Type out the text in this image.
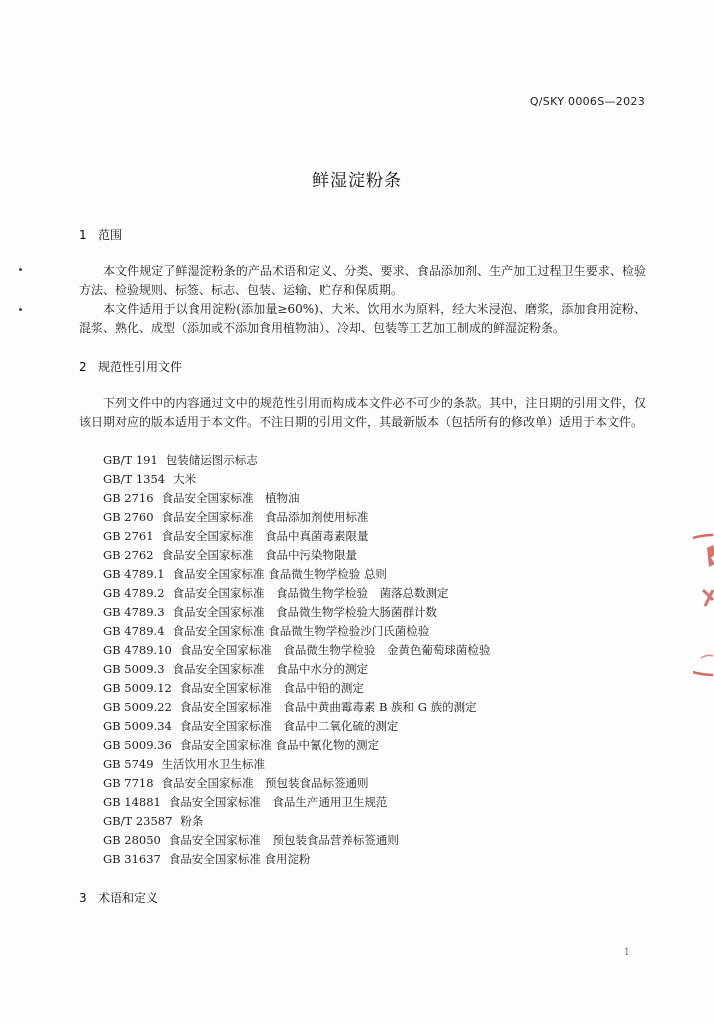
Q/SKY 0006S—2023
鲜湿淀粉条
1 范围
本文件规定了鲜湿淀粉条的产品术语和定义、分类、要求、食品添加剂、生产加工过程卫生要求、检验方法、检验规则、标签、标志、包装、运输、贮存和保质期。
本文件适用于以食用淀粉(添加量≥60%)、大米、饮用水为原料，经大米浸泡、磨浆，添加食用淀粉、混浆、熟化、成型（添加或不添加食用植物油）、冷却、包装等工艺加工制成的鲜湿淀粉条。
2 规范性引用文件
下列文件中的内容通过文中的规范性引用而构成本文件必不可少的条款。其中，注日期的引用文件，仅该日期对应的版本适用于本文件。不注日期的引用文件，其最新版本（包括所有的修改单）适用于本文件。
GB/T 191 包装储运图示标志
GB/T 1354 大米
GB 2716 食品安全国家标准　植物油
GB 2760 食品安全国家标准　食品添加剂使用标准
GB 2761 食品安全国家标准　食品中真菌毒素限量
GB 2762 食品安全国家标准　食品中污染物限量
GB 4789.1 食品安全国家标准 食品微生物学检验 总则
GB 4789.2 食品安全国家标准　食品微生物学检验　菌落总数测定
GB 4789.3 食品安全国家标准　食品微生物学检验大肠菌群计数
GB 4789.4 食品安全国家标准 食品微生物学检验沙门氏菌检验
GB 4789.10 食品安全国家标准　食品微生物学检验　金黄色葡萄球菌检验
GB 5009.3 食品安全国家标准　食品中水分的测定
GB 5009.12 食品安全国家标准　食品中铅的测定
GB 5009.22 食品安全国家标准　食品中黄曲霉毒素 B 族和 G 族的测定
GB 5009.34 食品安全国家标准　食品中二氧化硫的测定
GB 5009.36 食品安全国家标准 食品中氰化物的测定
GB 5749 生活饮用水卫生标准
GB 7718 食品安全国家标准　预包装食品标签通则
GB 14881 食品安全国家标准　食品生产通用卫生规范
GB/T 23587 粉条
GB 28050 食品安全国家标准　预包装食品营养标签通则
GB 31637 食品安全国家标准 食用淀粉
3 术语和定义
1
